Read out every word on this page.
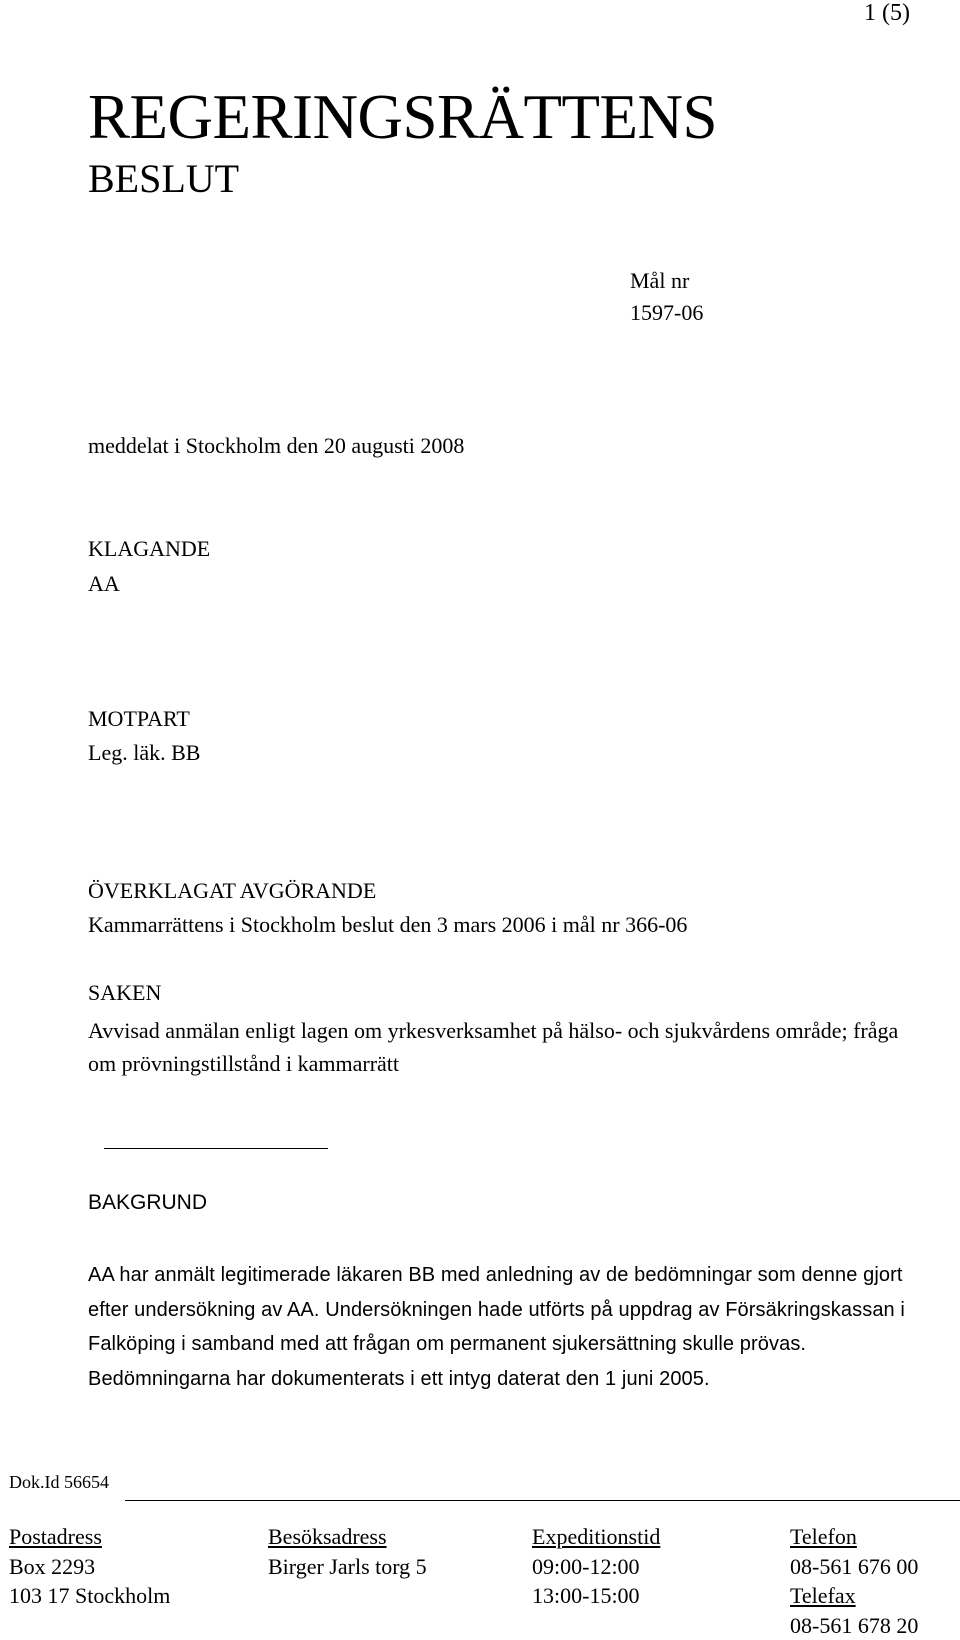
1 (5)
REGERINGSRÄTTENS
BESLUT
Mål nr
1597-06
meddelat i Stockholm den 20 augusti 2008
KLAGANDE
AA
MOTPART
Leg. läk. BB
ÖVERKLAGAT AVGÖRANDE
Kammarrättens i Stockholm beslut den 3 mars 2006 i mål nr 366-06
SAKEN
Avvisad anmälan enligt lagen om yrkesverksamhet på hälso- och sjukvårdens område; fråga om prövningstillstånd i kammarrätt
BAKGRUND
AA har anmält legitimerade läkaren BB med anledning av de bedömningar som denne gjort efter undersökning av AA. Undersökningen hade utförts på uppdrag av Försäkringskassan i Falköping i samband med att frågan om permanent sjukersättning skulle prövas. Bedömningarna har dokumenterats i ett intyg daterat den 1 juni 2005.
Dok.Id 56654
Postadress
Box 2293
103 17 Stockholm
Besöksadress
Birger Jarls torg 5
Expeditionstid
09:00-12:00
13:00-15:00
Telefon
08-561 676 00
Telefax
08-561 678 20
